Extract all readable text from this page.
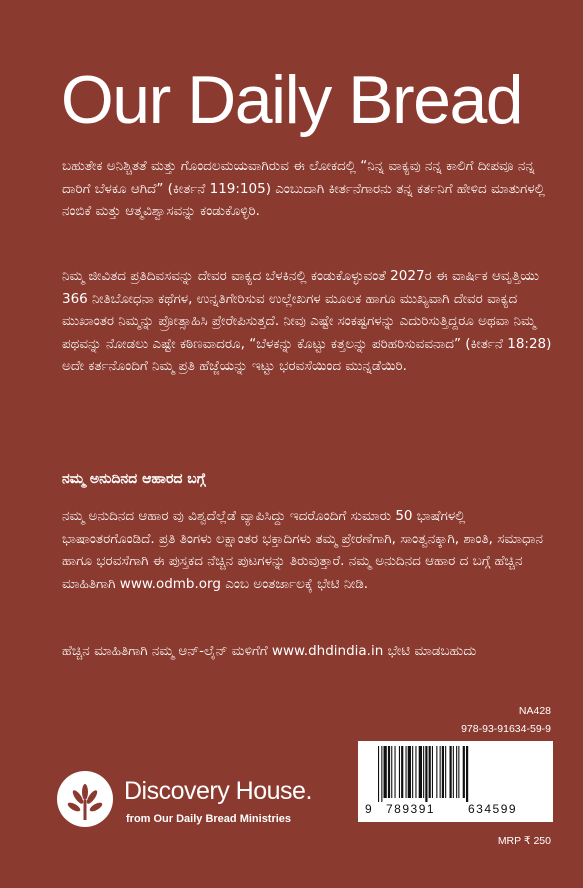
Our Daily Bread
ಬಹುತೇಕ ಅನಿಶ್ಚಿತತೆ ಮತ್ತು ಗೊಂದಲಮಯವಾಗಿರುವ ಈ ಲೋಕದಲ್ಲಿ “ನಿನ್ನ ವಾಕ್ಯವು ನನ್ನ ಕಾಲಿಗೆ ದೀಪವೂ ನನ್ನ ದಾರಿಗೆ ಬೆಳಕೂ ಆಗಿದೆ” (ಕೀರ್ತನೆ 119:105) ಎಂಬುದಾಗಿ ಕೀರ್ತನೆಗಾರನು ತನ್ನ ಕರ್ತನಿಗೆ ಹೇಳಿದ ಮಾತುಗಳಲ್ಲಿ ನಂಬಿಕೆ ಮತ್ತು ಆತ್ಮವಿಶ್ವಾಸವನ್ನು ಕಂಡುಕೊಳ್ಳಿರಿ.
ನಿಮ್ಮ ಜೀವಿತದ ಪ್ರತಿದಿವಸವನ್ನು ದೇವರ ವಾಕ್ಯದ ಬೆಳಕಿನಲ್ಲಿ ಕಂಡುಕೊಳ್ಳುವಂತೆ 2027ರ ಈ ವಾರ್ಷಿಕ ಆವೃತ್ತಿಯು 366 ನೀತಿಬೋಧನಾ ಕಥೆಗಳ, ಉನ್ನತಿಗೇರಿಸುವ ಉಲ್ಲೇಖಗಳ ಮೂಲಕ ಹಾಗೂ ಮುಖ್ಯವಾಗಿ ದೇವರ ವಾಕ್ಯದ ಮುಖಾಂತರ ನಿಮ್ಮನ್ನು ಪ್ರೋತ್ಸಾಹಿಸಿ ಪ್ರೇರೇಪಿಸುತ್ತದೆ. ನೀವು ಎಷ್ಟೇ ಸಂಕಷ್ಟಗಳನ್ನು ಎದುರಿಸುತ್ತಿದ್ದರೂ ಅಥವಾ ನಿಮ್ಮ ಪಥವನ್ನು ನೋಡಲು ಎಷ್ಟೇ ಕಠಿಣವಾದರೂ, “ಬೆಳಕನ್ನು ಕೊಟ್ಟು ಕತ್ತಲನ್ನು ಪರಿಹರಿಸುವವನಾದ” (ಕೀರ್ತನೆ 18:28) ಅದೇ ಕರ್ತನೊಂದಿಗೆ ನಿಮ್ಮ ಪ್ರತಿ ಹೆಜ್ಜೆಯನ್ನು ಇಟ್ಟು ಭರವಸೆಯಿಂದ ಮುನ್ನಡೆಯಿರಿ.
ನಮ್ಮ ಅನುದಿನದ ಆಹಾರದ ಬಗ್ಗೆ
ನಮ್ಮ ಅನುದಿನದ ಆಹಾರ ವು ವಿಶ್ವದೆಲ್ಲೆಡೆ ವ್ಯಾಪಿಸಿದ್ದು ಇದರೊಂದಿಗೆ ಸುಮಾರು 50 ಭಾಷೆಗಳಲ್ಲಿ ಭಾಷಾಂತರಗೊಂಡಿದೆ. ಪ್ರತಿ ತಿಂಗಳು ಲಕ್ಷಾಂತರ ಭಕ್ತಾದಿಗಳು ತಮ್ಮ ಪ್ರೇರಣೆಗಾಗಿ, ಸಾಂತ್ವನಕ್ಕಾಗಿ, ಶಾಂತಿ, ಸಮಾಧಾನ ಹಾಗೂ ಭರವಸೆಗಾಗಿ ಈ ಪುಸ್ತಕದ ನೆಚ್ಚಿನ ಪುಟಗಳನ್ನು ತಿರುವುತ್ತಾರೆ. ನಮ್ಮ ಅನುದಿನದ ಆಹಾರ ದ ಬಗ್ಗೆ ಹೆಚ್ಚಿನ ಮಾಹಿತಿಗಾಗಿ www.odmb.org ಎಂಬ ಅಂತರ್ಜಾಲಕ್ಕೆ ಭೇಟಿ ನೀಡಿ.
ಹೆಚ್ಚಿನ ಮಾಹಿತಿಗಾಗಿ ನಮ್ಮ ಆನ್-ಲೈನ್ ಮಳಿಗೆಗೆ www.dhdindia.in ಭೇಟಿ ಮಾಡಬಹುದು
NA428
978-93-91634-59-9
9 789391	634599
MRP ₹ 250
Discovery House.
from Our Daily Bread Ministries
